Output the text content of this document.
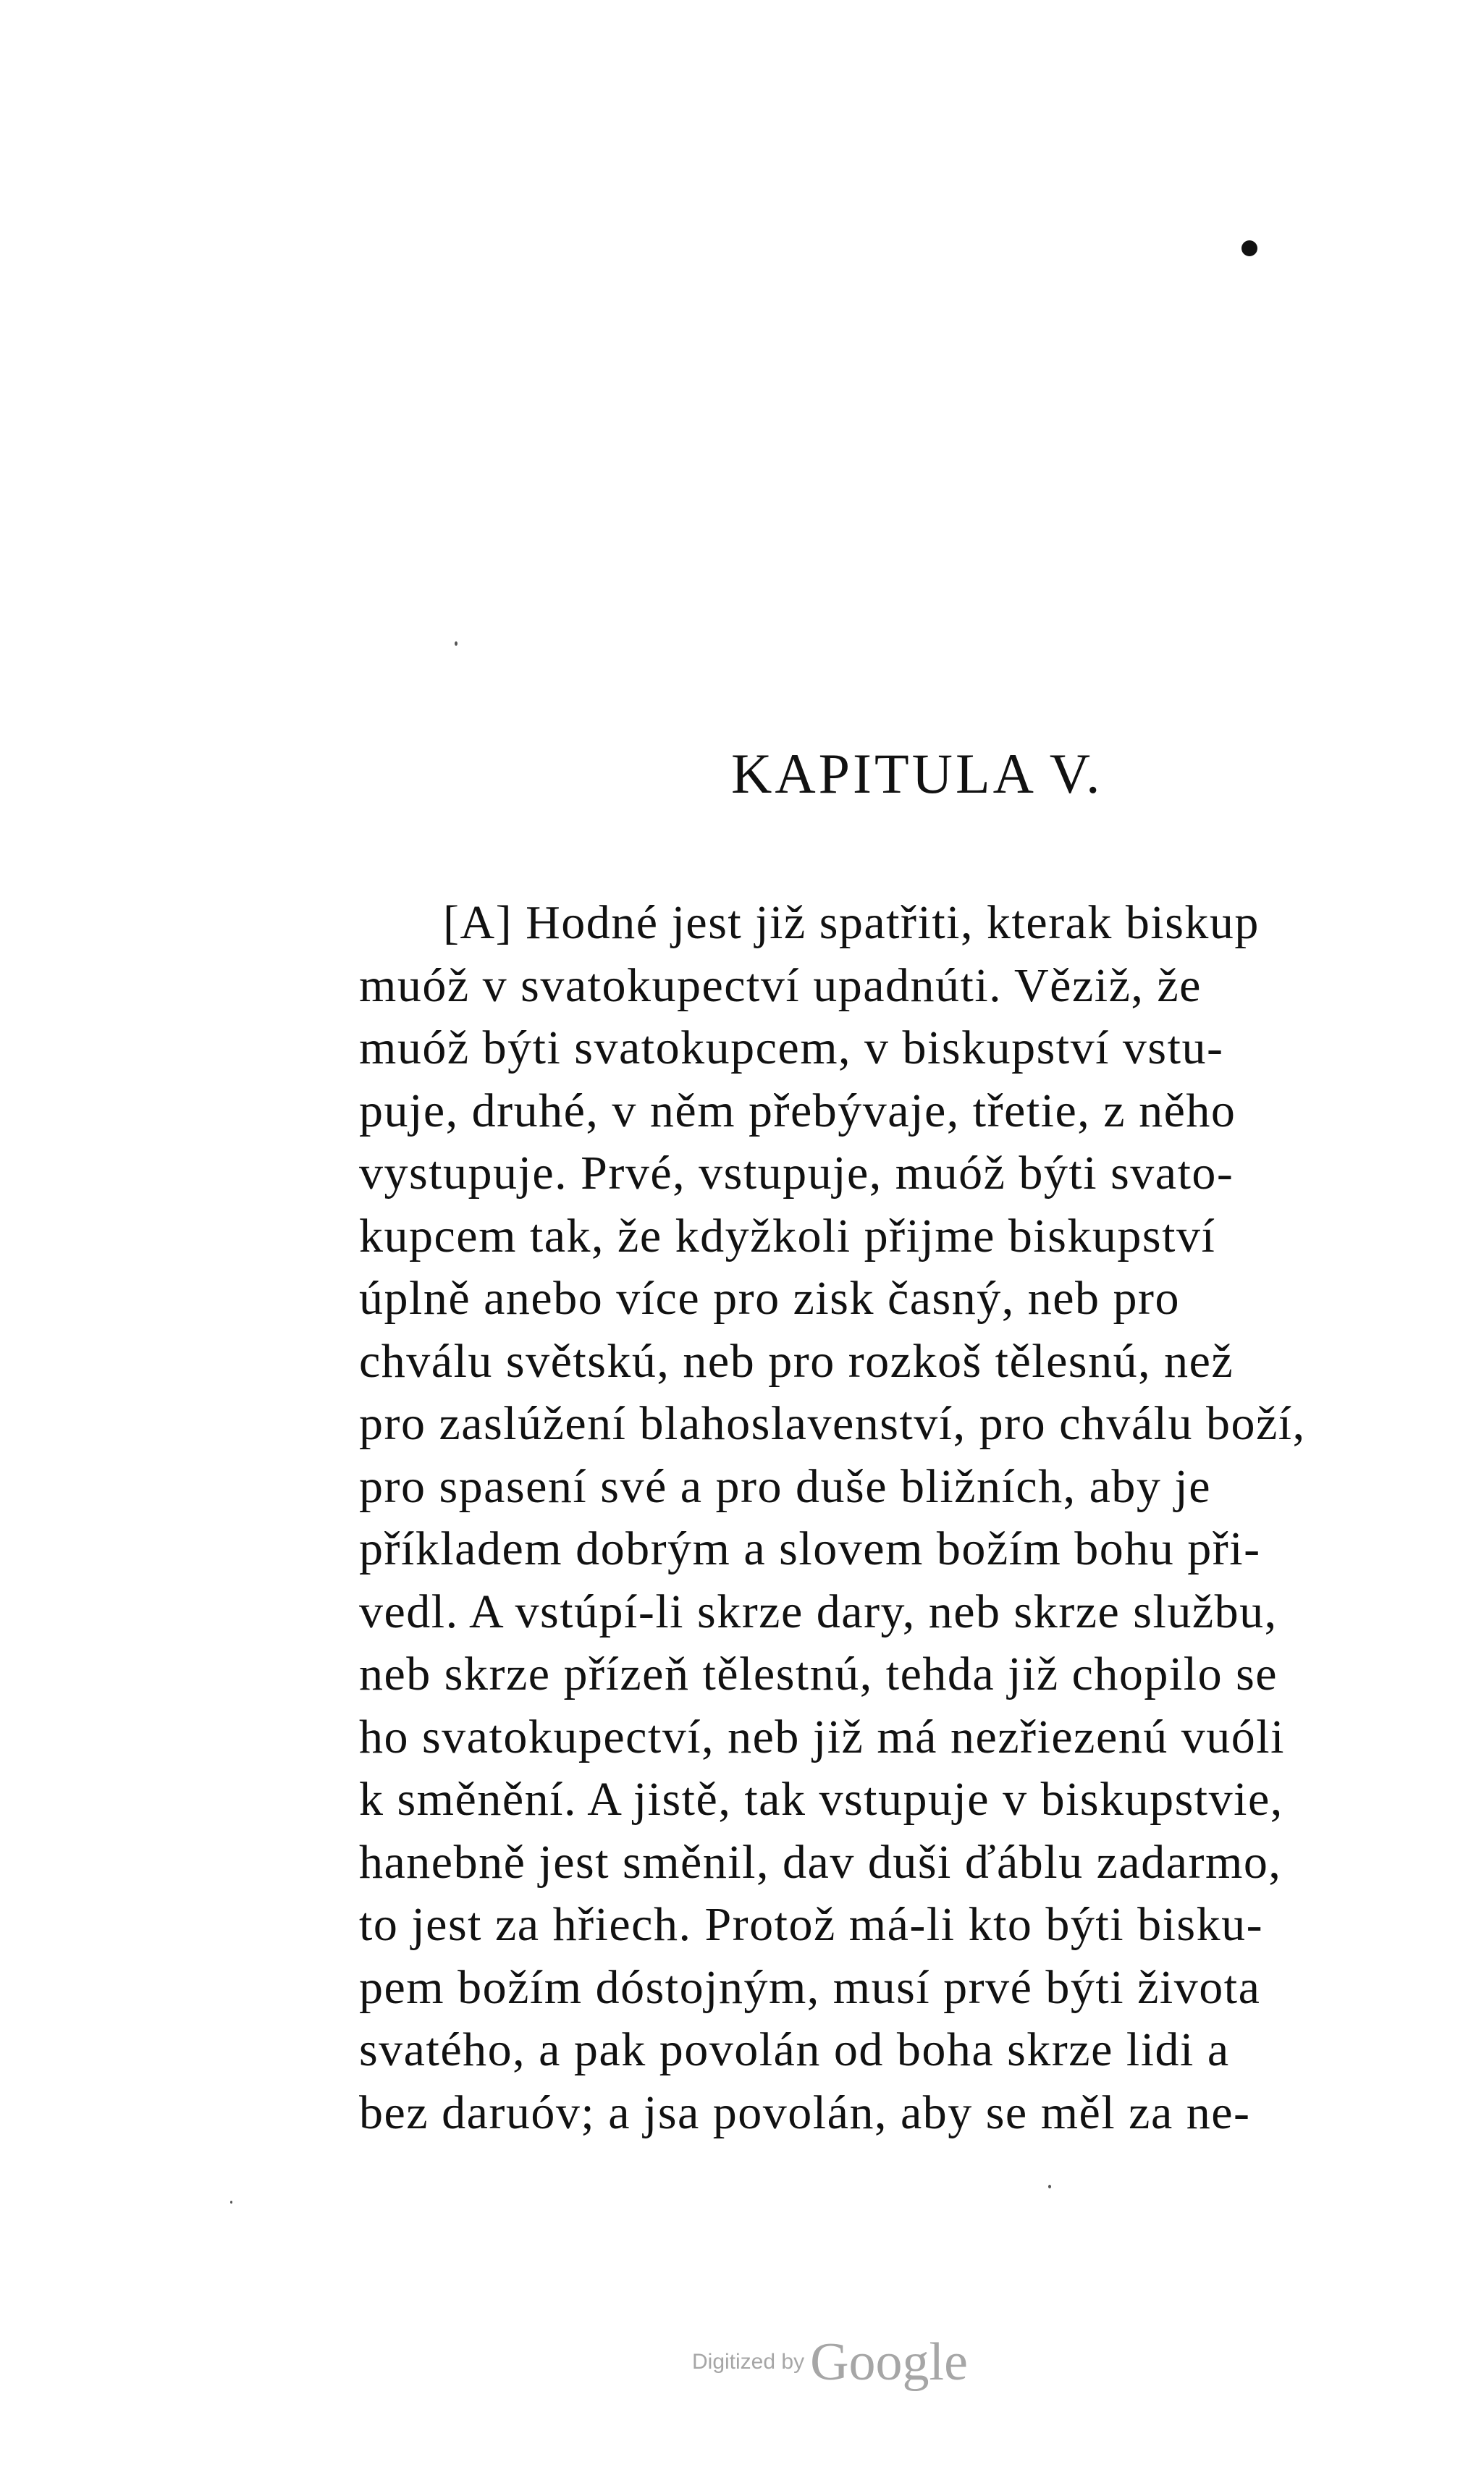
KAPITULA V.
[A] Hodné jest již spatřiti, kterak biskup
muóž v svatokupectví upadnúti. Věziž, že
muóž býti svatokupcem, v biskupství vstu-
puje, druhé, v něm přebývaje, třetie, z něho
vystupuje. Prvé, vstupuje, muóž býti svato-
kupcem tak, že kdyžkoli přijme biskupství
úplně anebo více pro zisk časný, neb pro
chválu světskú, neb pro rozkoš tělesnú, než
pro zaslúžení blahoslavenství, pro chválu boží,
pro spasení své a pro duše bližních, aby je
příkladem dobrým a slovem božím bohu při-
vedl. A vstúpí-li skrze dary, neb skrze službu,
neb skrze přízeň tělestnú, tehda již chopilo se
ho svatokupectví, neb již má nezřiezenú vuóli
k směnění. A jistě, tak vstupuje v biskupstvie,
hanebně jest směnil, dav duši ďáblu zadarmo,
to jest za hřiech. Protož má-li kto býti bisku-
pem božím dóstojným, musí prvé býti života
svatého, a pak povolán od boha skrze lidi a
bez daruóv; a jsa povolán, aby se měl za ne-
Digitized by Google
